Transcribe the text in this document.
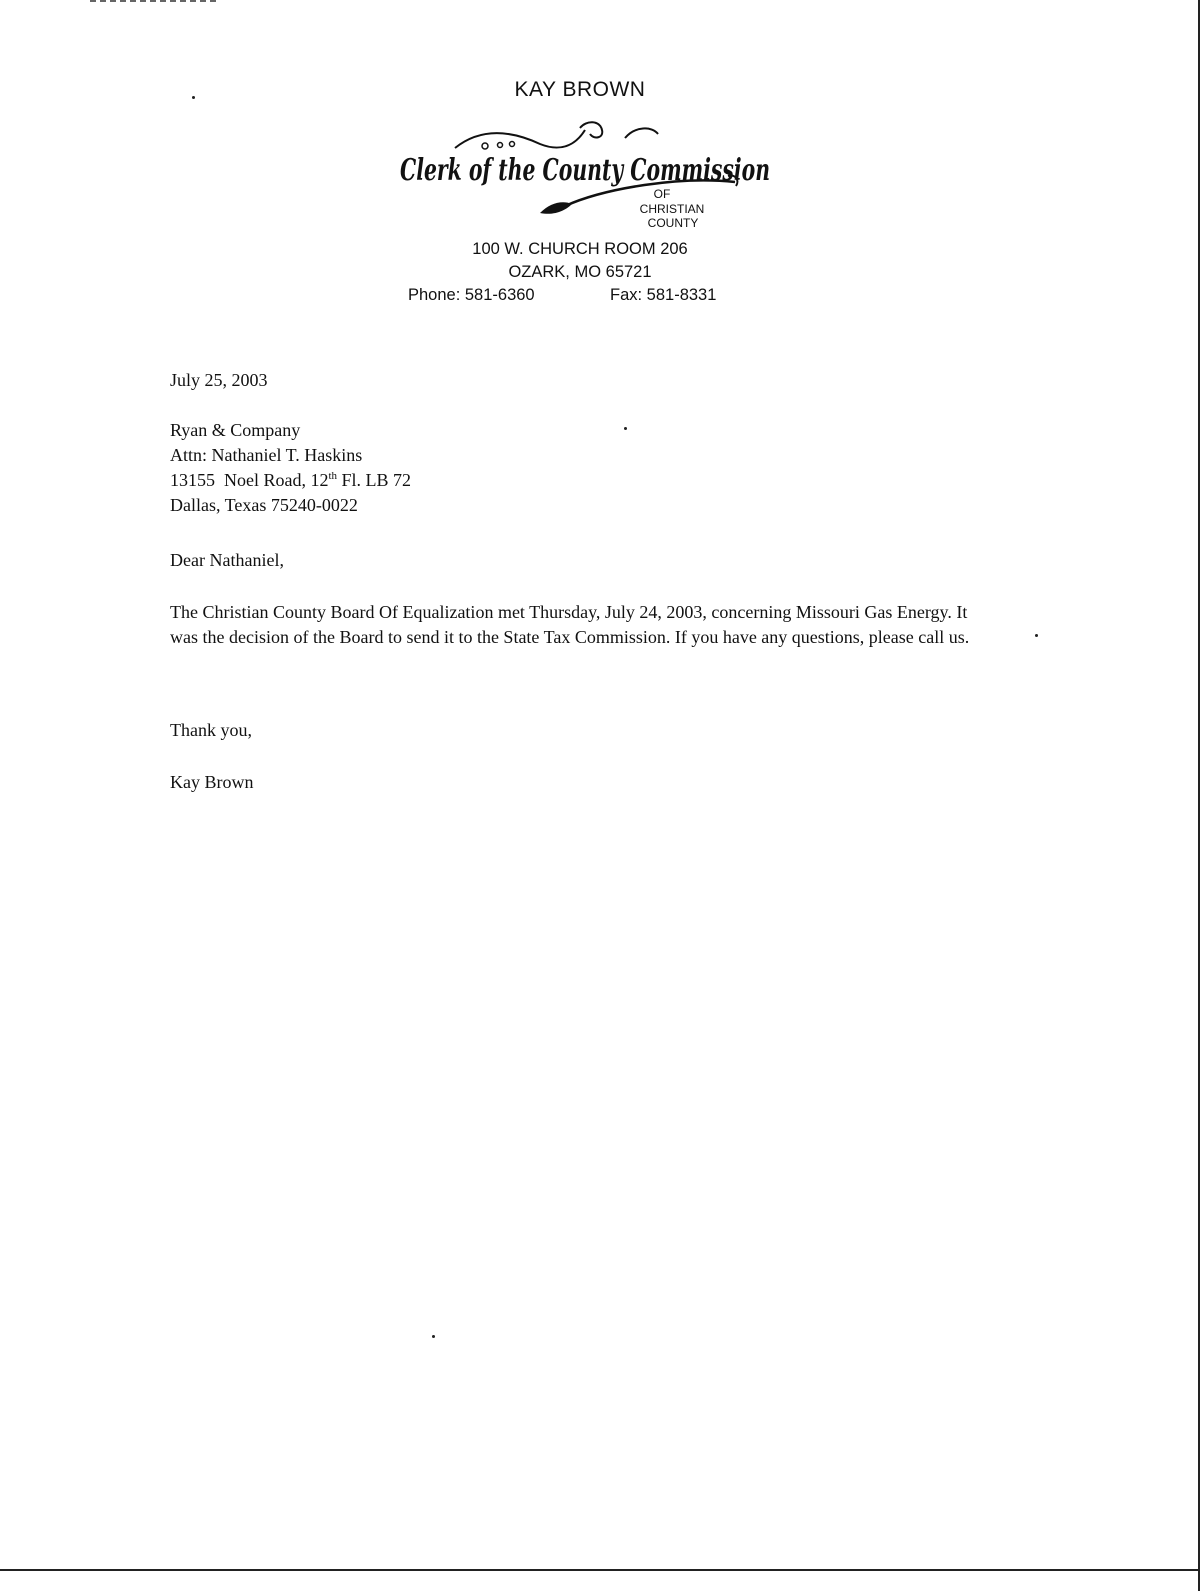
KAY BROWN
Clerk of the County Commission
OF
CHRISTIAN
COUNTY
100 W. CHURCH ROOM 206
OZARK, MO 65721
Phone: 581-6360	Fax: 581-8331

July 25, 2003

Ryan & Company
Attn: Nathaniel T. Haskins
13155 Noel Road, 12th Fl. LB 72
Dallas, Texas 75240-0022

Dear Nathaniel,

The Christian County Board Of Equalization met Thursday, July 24, 2003, concerning Missouri Gas Energy. It was the decision of the Board to send it to the State Tax Commission. If you have any questions, please call us.

Thank you,

Kay Brown
